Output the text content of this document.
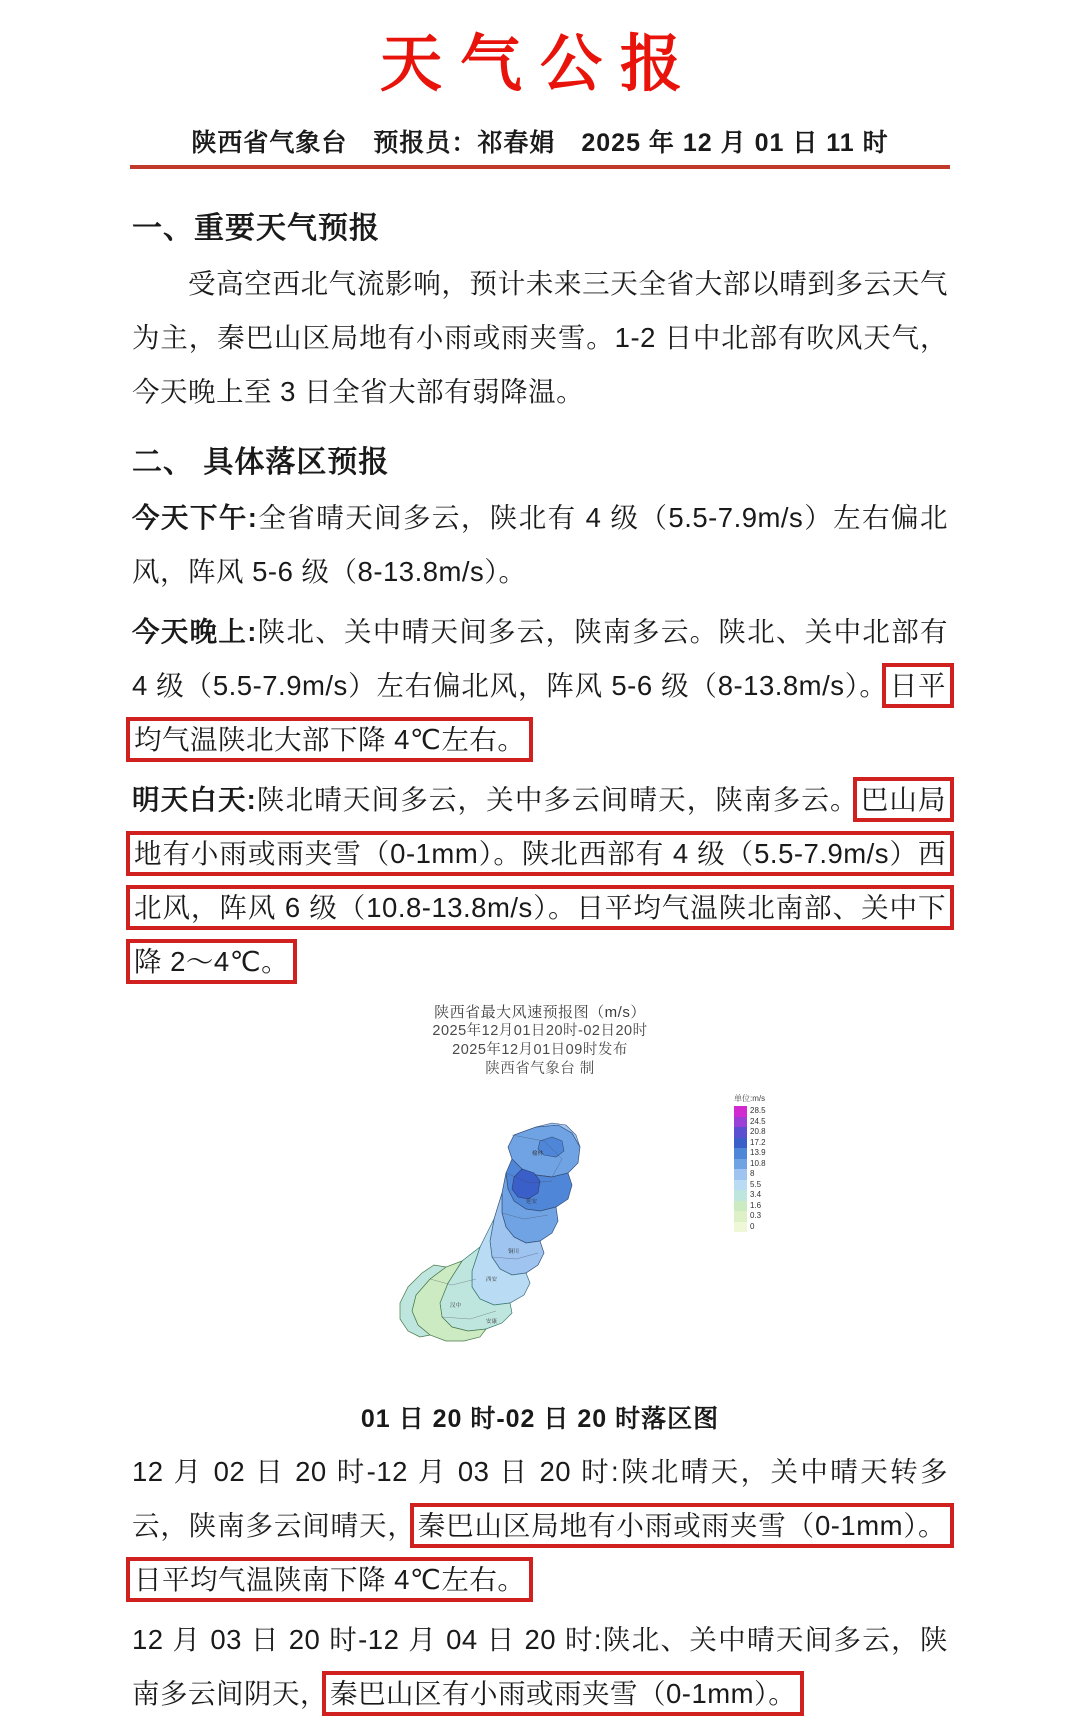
天气公报
陕西省气象台　预报员：祁春娟　2025 年 12 月 01 日 11 时
一、重要天气预报

受高空西北气流影响，预计未来三天全省大部以晴到多云天气为主，秦巴山区局地有小雨或雨夹雪。1-2 日中北部有吹风天气，今天晚上至 3 日全省大部有弱降温。

二、 具体落区预报

今天下午:全省晴天间多云，陕北有 4 级（5.5-7.9m/s）左右偏北风，阵风 5-6 级（8-13.8m/s）。

今天晚上:陕北、关中晴天间多云，陕南多云。陕北、关中北部有 4 级（5.5-7.9m/s）左右偏北风，阵风 5-6 级（8-13.8m/s）。日平均气温陕北大部下降 4℃左右。

明天白天:陕北晴天间多云，关中多云间晴天，陕南多云。巴山局地有小雨或雨夹雪（0-1mm）。陕北西部有 4 级（5.5-7.9m/s）西北风，阵风 6 级（10.8-13.8m/s）。日平均气温陕北南部、关中下降 2～4℃。

陕西省最大风速预报图（m/s）
2025年12月01日20时-02日20时
2025年12月01日09时发布
陕西省气象台 制
榆林
延安
铜川
西安
汉中
安康
单位:m/s
28.5
24.5
20.8
17.2
13.9
10.8
8
5.5
3.4
1.6
0.3
0
01 日 20 时-02 日 20 时落区图

12 月 02 日 20 时-12 月 03 日 20 时:陕北晴天，关中晴天转多云，陕南多云间晴天，秦巴山区局地有小雨或雨夹雪（0-1mm）。日平均气温陕南下降 4℃左右。

12 月 03 日 20 时-12 月 04 日 20 时:陕北、关中晴天间多云，陕南多云间阴天，秦巴山区有小雨或雨夹雪（0-1mm）。
